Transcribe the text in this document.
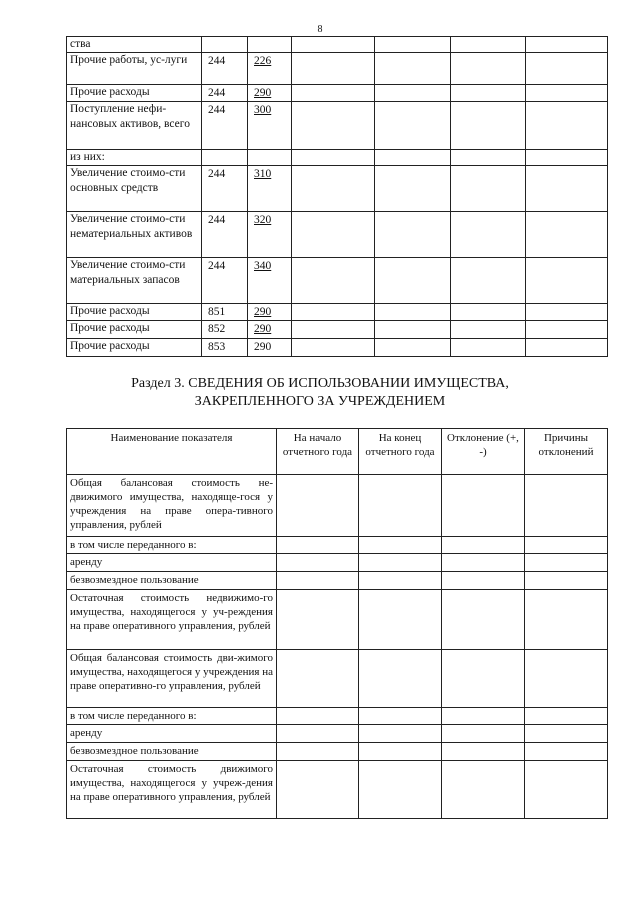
8
ства						
Прочие работы, ус-луги	244	226				
Прочие расходы	244	290				
Поступление нефи-нансовых активов, всего	244	300				
из них:						
Увеличение стоимо-сти основных средств	244	310				
Увеличение стоимо-сти нематериальных активов	244	320				
Увеличение стоимо-сти материальных запасов	244	340				
Прочие расходы	851	290				
Прочие расходы	852	290				
Прочие расходы	853	290				
Раздел 3. СВЕДЕНИЯ ОБ ИСПОЛЬЗОВАНИИ ИМУЩЕСТВА,
ЗАКРЕПЛЕННОГО ЗА УЧРЕЖДЕНИЕМ
Наименование показателя	На начало отчетного года	На конец отчетного года	Отклонение (+, -)	Причины отклонений
Общая балансовая стоимость не-движимого имущества, находяще-гося у учреждения на праве опера-тивного управления, рублей				
в том числе переданного в:				
аренду				
безвозмездное пользование				
Остаточная стоимость недвижимо-го имущества, находящегося у уч-реждения на праве оперативного управления, рублей				
Общая балансовая стоимость дви-жимого имущества, находящегося у учреждения на праве оперативно-го управления, рублей				
в том числе переданного в:				
аренду				
безвозмездное пользование				
Остаточная стоимость движимого имущества, находящегося у учреж-дения на праве оперативного управления, рублей				
